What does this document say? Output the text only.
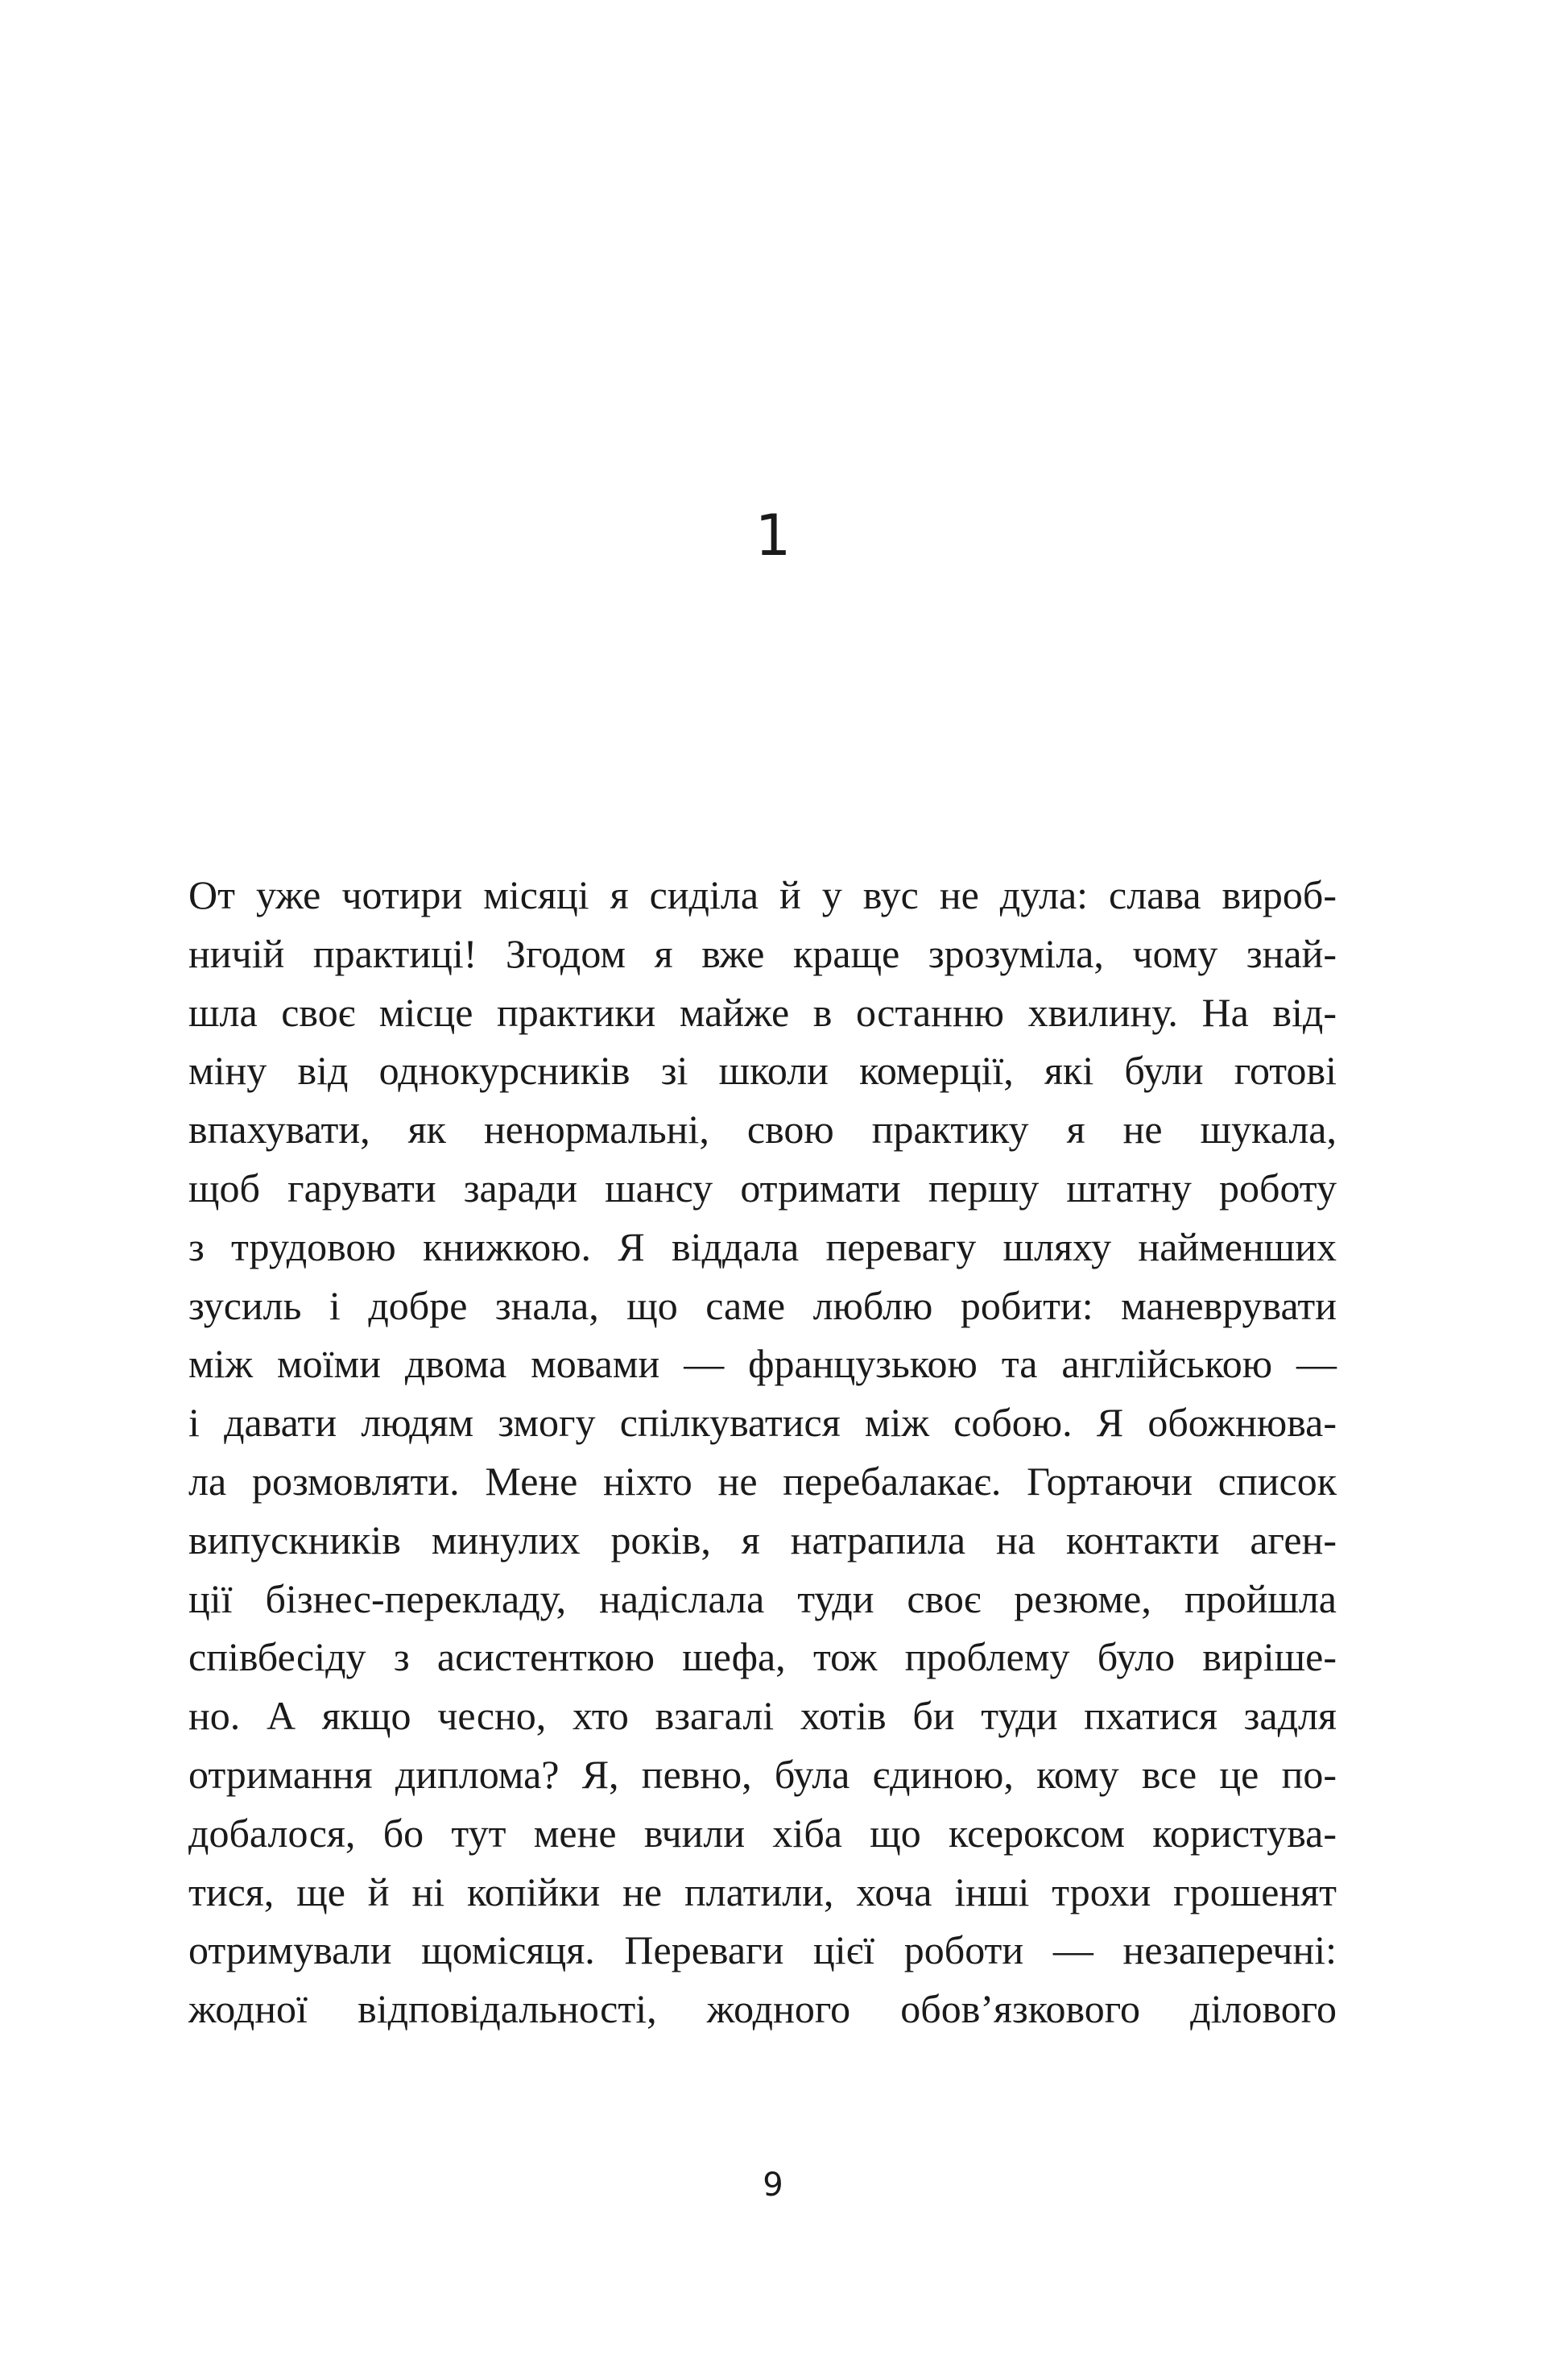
1
От уже чотири місяці я сиділа й у вус не дула: слава вироб-
ничій практиці! Згодом я вже краще зрозуміла, чому знай-
шла своє місце практики майже в останню хвилину. На від-
міну від однокурсників зі школи комерції, які були готові
впахувати, як ненормальні, свою практику я не шукала,
щоб гарувати заради шансу отримати першу штатну роботу
з трудовою книжкою. Я віддала перевагу шляху найменших
зусиль і добре знала, що саме люблю робити: маневрувати
між моїми двома мовами — французькою та англійською —
і давати людям змогу спілкуватися між собою. Я обожнюва-
ла розмовляти. Мене ніхто не перебалакає. Гортаючи список
випускників минулих років, я натрапила на контакти аген-
ції бізнес-перекладу, надіслала туди своє резюме, пройшла
співбесіду з асистенткою шефа, тож проблему було виріше-
но. А якщо чесно, хто взагалі хотів би туди пхатися задля
отримання диплома? Я, певно, була єдиною, кому все це по-
добалося, бо тут мене вчили хіба що ксероксом користува-
тися, ще й ні копійки не платили, хоча інші трохи грошенят
отримували щомісяця. Переваги цієї роботи — незаперечні:
жодної відповідальності, жодного обов’язкового ділового
9
